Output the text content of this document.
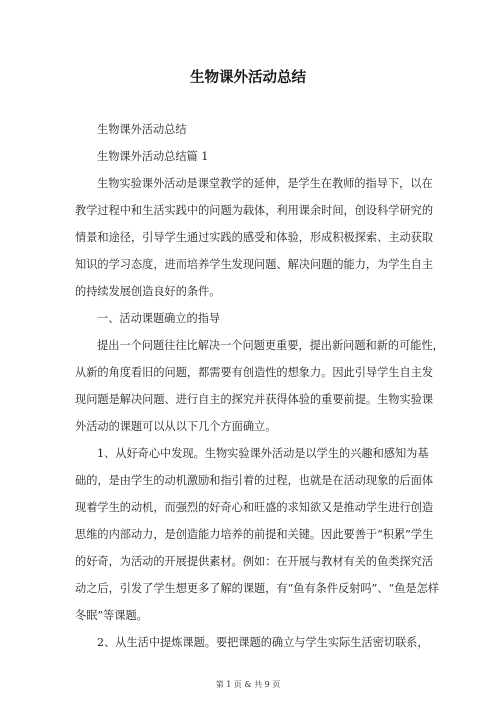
生物课外活动总结
生物课外活动总结
生物课外活动总结篇 1
生物实验课外活动是课堂教学的延伸，是学生在教师的指导下，以在
教学过程中和生活实践中的问题为载体，利用课余时间，创设科学研究的
情景和途径，引导学生通过实践的感受和体验，形成积极探索、主动获取
知识的学习态度，进而培养学生发现问题、解决问题的能力，为学生自主
的持续发展创造良好的条件。
一、活动课题确立的指导
提出一个问题往往比解决一个问题更重要，提出新问题和新的可能性，
从新的角度看旧的问题，都需要有创造性的想象力。因此引导学生自主发
现问题是解决问题、进行自主的探究并获得体验的重要前提。生物实验课
外活动的课题可以从以下几个方面确立。
1、从好奇心中发现。生物实验课外活动是以学生的兴趣和感知为基
础的，是由学生的动机激励和指引着的过程，也就是在活动现象的后面体
现着学生的动机，而强烈的好奇心和旺盛的求知欲又是推动学生进行创造
思维的内部动力，是创造能力培养的前提和关键。因此要善于“积累”学生
的好奇，为活动的开展提供素材。例如：在开展与教材有关的鱼类探究活
动之后，引发了学生想更多了解的课题，有“鱼有条件反射吗”、“鱼是怎样
冬眠”等课题。
2、从生活中提炼课题。要把课题的确立与学生实际生活密切联系，
第 1 页 & 共 9 页
